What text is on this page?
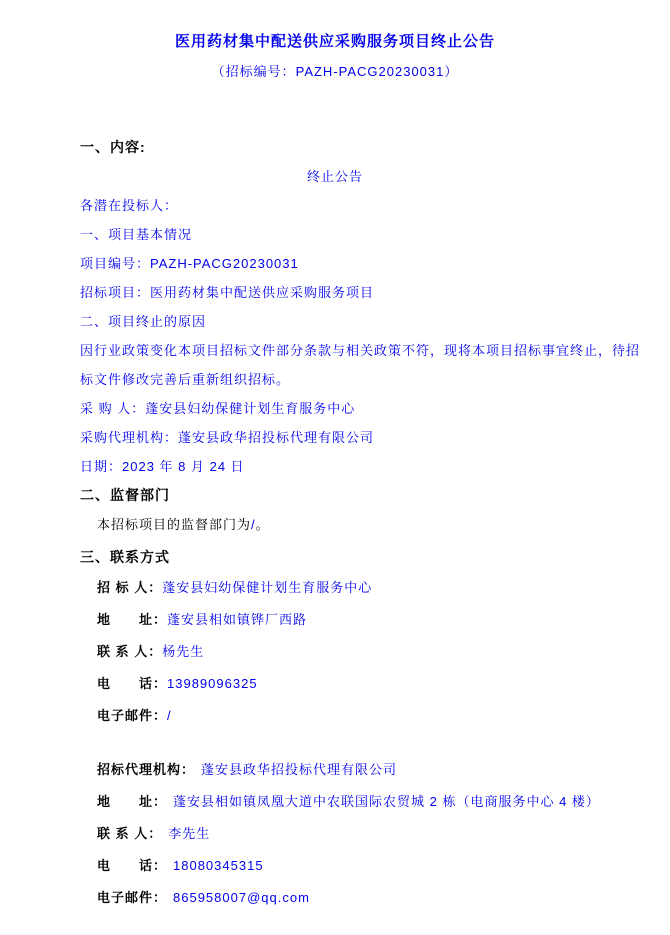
医用药材集中配送供应采购服务项目终止公告
（招标编号：PAZH-PACG20230031）
一、内容:

终止公告

各潜在投标人：

一、项目基本情况

项目编号：PAZH-PACG20230031

招标项目：医用药材集中配送供应采购服务项目

二、项目终止的原因

因行业政策变化本项目招标文件部分条款与相关政策不符，现将本项目招标事宜终止，待招

标文件修改完善后重新组织招标。

采 购 人：蓬安县妇幼保健计划生育服务中心

采购代理机构：蓬安县政华招投标代理有限公司

日期：2023 年 8 月 24 日

二、监督部门

本招标项目的监督部门为/。

三、联系方式

招 标 人：蓬安县妇幼保健计划生育服务中心

地　　址：蓬安县相如镇铧厂西路

联 系 人：杨先生

电　　话：13989096325

电子邮件：/

招标代理机构： 蓬安县政华招投标代理有限公司

地　　址： 蓬安县相如镇凤凰大道中农联国际农贸城 2 栋（电商服务中心 4 楼）

联 系 人： 李先生

电　　话： 18080345315

电子邮件： 865958007@qq.com
